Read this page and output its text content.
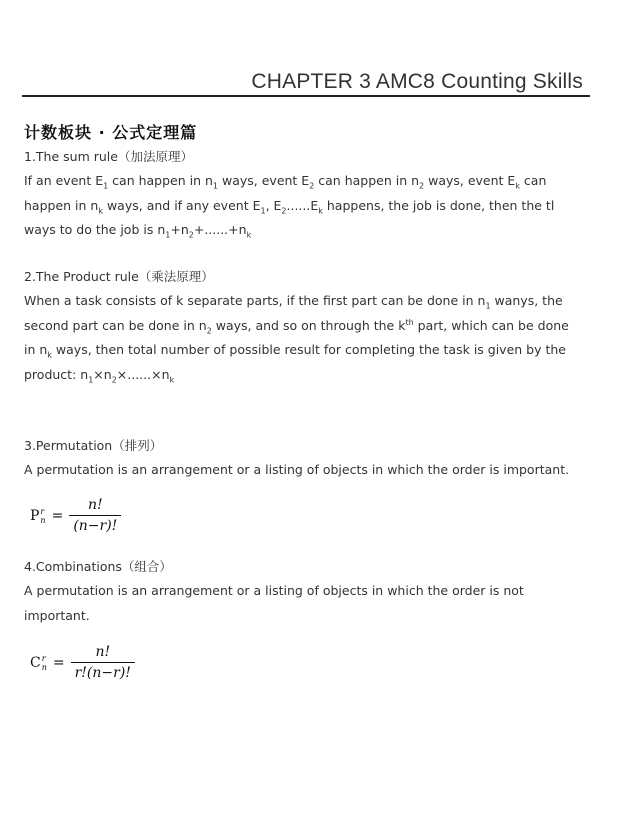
CHAPTER 3 AMC8 Counting Skills
计数板块 · 公式定理篇
1.The sum rule（加法原理）
If an event $E_1$ can happen in $n_1$ ways, event $E_2$ can happen in $n_2$ ways, event $E_k$ can
happen in $n_k$ ways, and if any event $E_1$, $E_2......E_k$ happens, the job is done, then the tl
ways to do the job is $n_1+n_2+......+n_k$
2.The Product rule（乘法原理）
When a task consists of k separate parts, if the first part can be done in $n_1$ wanys, the
second part can be done in $n_2$ ways, and so on through the $k^{th}$ part, which can be done
in $n_k$ ways, then total number of possible result for completing the task is given by the
product: $n_1\times n_2\times......\times n_k$
3.Permutation（排列）
A permutation is an arrangement or a listing of objects in which the order is important.
P r
$n = \frac{n!}{(n-r)!}$
4.Combinations（组合）
A permutation is an arrangement or a listing of objects in which the order is not
important.
C r
$n = \frac{n!}{r!(n-r)!}$
